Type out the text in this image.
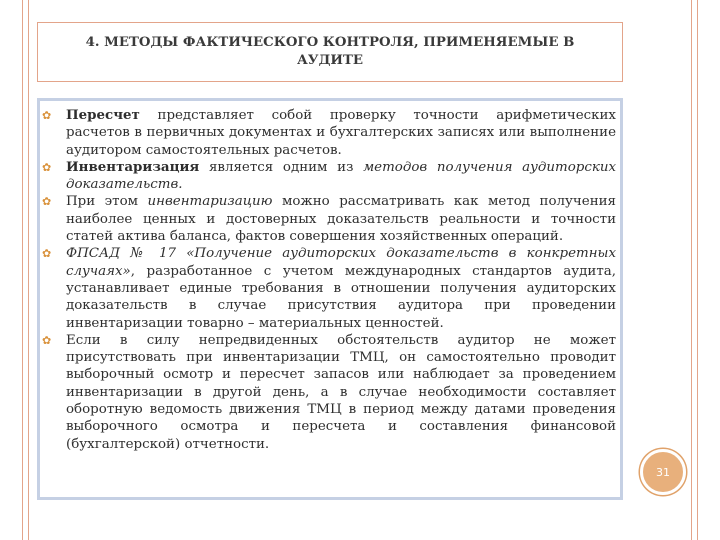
4. МЕТОДЫ ФАКТИЧЕСКОГО КОНТРОЛЯ, ПРИМЕНЯЕМЫЕ В АУДИТЕ
✿ Пересчет представляет собой проверку точности арифметических расчетов в первичных документах и бухгалтерских записях или выполнение аудитором самостоятельных расчетов.

✿ Инвентаризация является одним из методов получения аудиторских доказательств.

✿ При этом инвентаризацию можно рассматривать как метод получения наиболее ценных и достоверных доказательств реальности и точности статей актива баланса, фактов совершения хозяйственных операций.

✿ ФПСАД № 17 «Получение аудиторских доказательств в конкретных случаях», разработанное с учетом международных стандартов аудита, устанавливает единые требования в отношении получения аудиторских доказательств в случае присутствия аудитора при проведении инвентаризации товарно – материальных ценностей.

✿ Если в силу непредвиденных обстоятельств аудитор не может присутствовать при инвентаризации ТМЦ, он самостоятельно проводит выборочный осмотр и пересчет запасов или наблюдает за проведением инвентаризации в другой день, а в случае необходимости составляет оборотную ведомость движения ТМЦ в период между датами проведения выборочного осмотра и пересчета и составления финансовой (бухгалтерской) отчетности.

31
